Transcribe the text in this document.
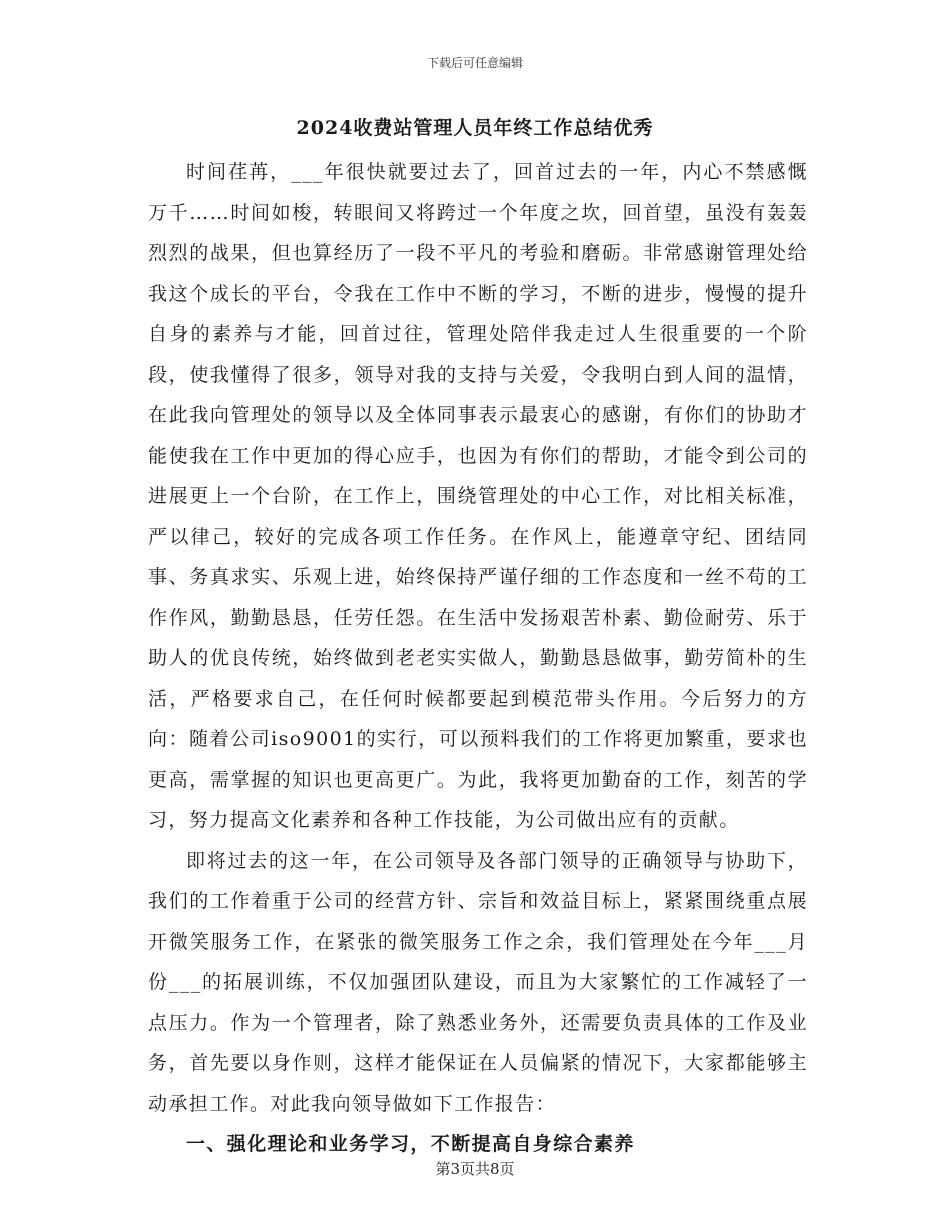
下载后可任意编辑
2024收费站管理人员年终工作总结优秀

时间荏苒，___年很快就要过去了，回首过去的一年，内心不禁感慨万千……时间如梭，转眼间又将跨过一个年度之坎，回首望，虽没有轰轰烈烈的战果，但也算经历了一段不平凡的考验和磨砺。非常感谢管理处给我这个成长的平台，令我在工作中不断的学习，不断的进步，慢慢的提升自身的素养与才能，回首过往，管理处陪伴我走过人生很重要的一个阶段，使我懂得了很多，领导对我的支持与关爱，令我明白到人间的温情，在此我向管理处的领导以及全体同事表示最衷心的感谢，有你们的协助才能使我在工作中更加的得心应手，也因为有你们的帮助，才能令到公司的进展更上一个台阶，在工作上，围绕管理处的中心工作，对比相关标准，严以律己，较好的完成各项工作任务。在作风上，能遵章守纪、团结同事、务真求实、乐观上进，始终保持严谨仔细的工作态度和一丝不苟的工作作风，勤勤恳恳，任劳任怨。在生活中发扬艰苦朴素、勤俭耐劳、乐于助人的优良传统，始终做到老老实实做人，勤勤恳恳做事，勤劳简朴的生活，严格要求自己，在任何时候都要起到模范带头作用。今后努力的方向：随着公司iso9001的实行，可以预料我们的工作将更加繁重，要求也更高，需掌握的知识也更高更广。为此，我将更加勤奋的工作，刻苦的学习，努力提高文化素养和各种工作技能，为公司做出应有的贡献。

即将过去的这一年，在公司领导及各部门领导的正确领导与协助下，我们的工作着重于公司的经营方针、宗旨和效益目标上，紧紧围绕重点展开微笑服务工作，在紧张的微笑服务工作之余，我们管理处在今年___月份___的拓展训练，不仅加强团队建设，而且为大家繁忙的工作减轻了一点压力。作为一个管理者，除了熟悉业务外，还需要负责具体的工作及业务，首先要以身作则，这样才能保证在人员偏紧的情况下，大家都能够主动承担工作。对此我向领导做如下工作报告：

一、强化理论和业务学习，不断提高自身综合素养

第3页共8页
